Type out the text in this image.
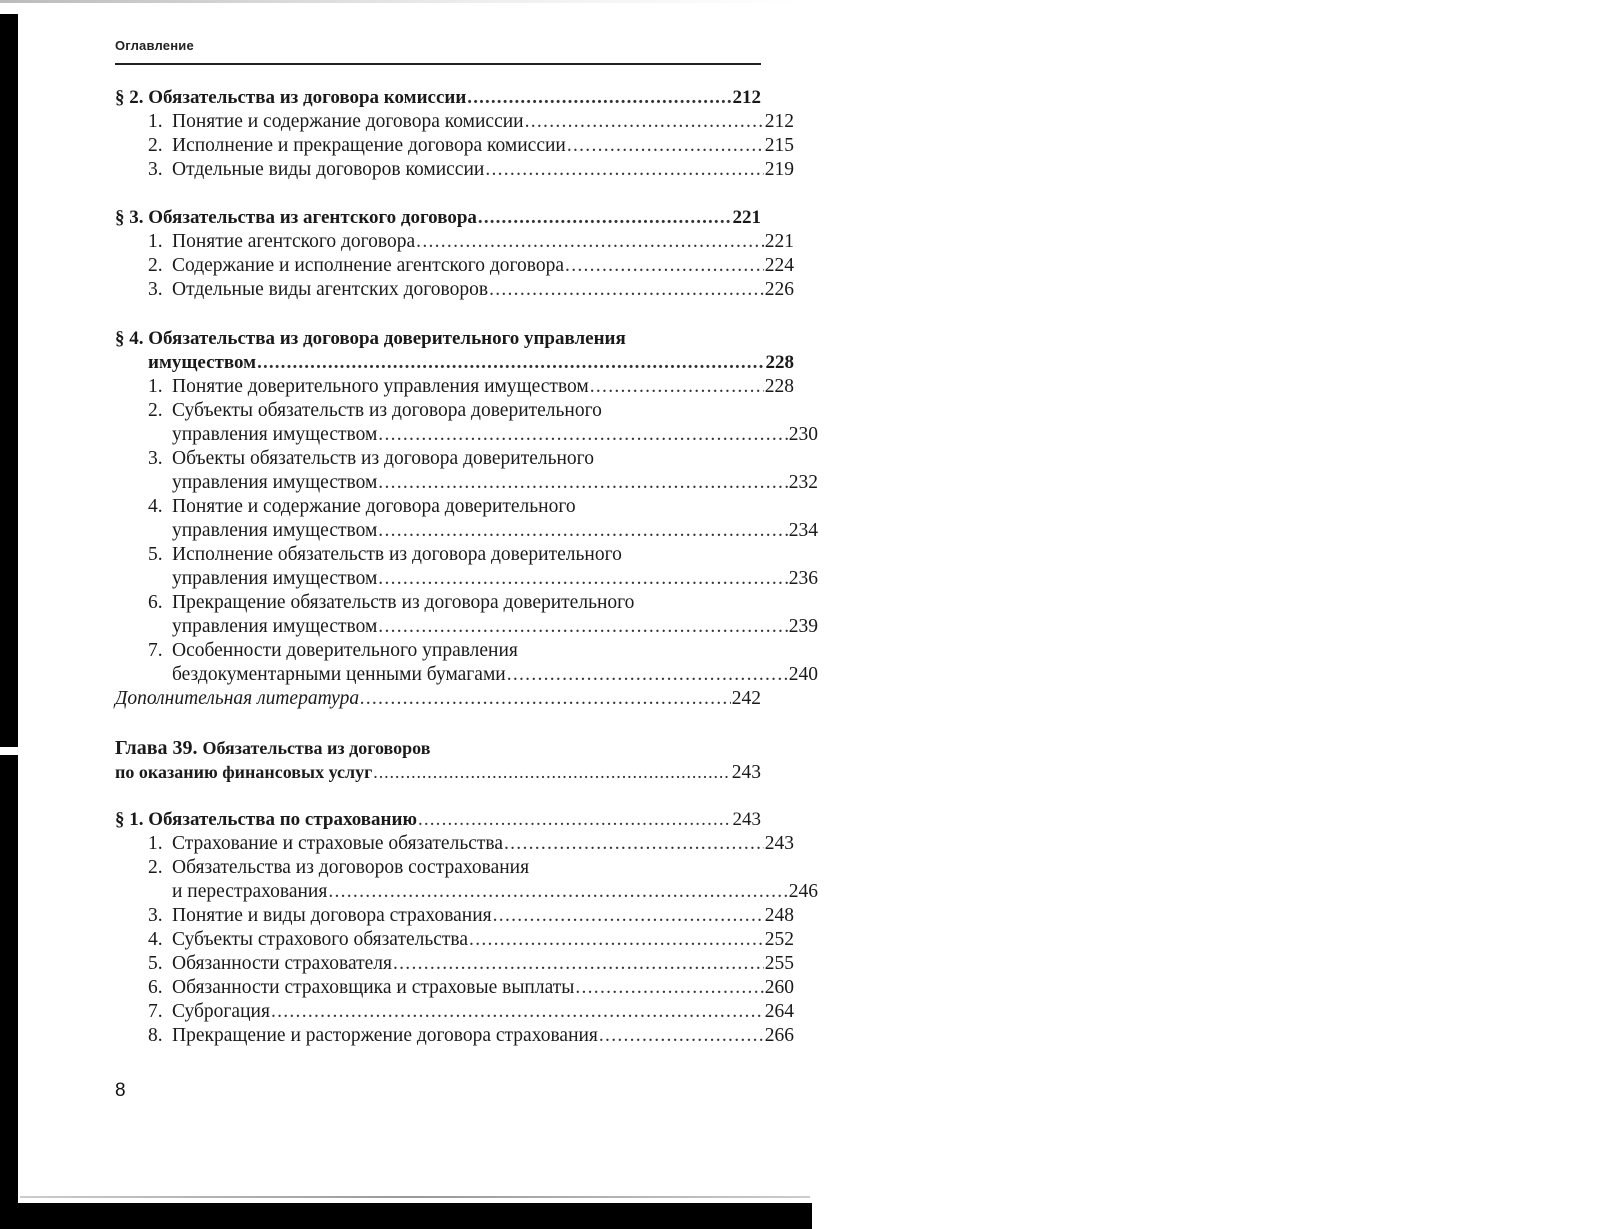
Оглавление
§ 2. Обязательства из договора комиссии . . .	212
1. Понятие и содержание договора комиссии . . .	212
2. Исполнение и прекращение договора комиссии . . .	215
3. Отдельные виды договоров комиссии . . .	219
§ 3. Обязательства из агентского договора . . .	221
1. Понятие агентского договора . . .	221
2. Содержание и исполнение агентского договора . . .	224
3. Отдельные виды агентских договоров . . .	226
§ 4. Обязательства из договора доверительного управления
имуществом . . .	228
1. Понятие доверительного управления имуществом . . .	228
2. Субъекты обязательств из договора доверительного
управления имуществом . . .	230
3. Объекты обязательств из договора доверительного
управления имуществом . . .	232
4. Понятие и содержание договора доверительного
управления имуществом . . .	234
5. Исполнение обязательств из договора доверительного
управления имуществом . . .	236
6. Прекращение обязательств из договора доверительного
управления имуществом . . .	239
7. Особенности доверительного управления
бездокументарными ценными бумагами . . .	240
Дополнительная литература . . .	242
Глава 39. Обязательства из договоров
по оказанию финансовых услуг . . .	243
§ 1. Обязательства по страхованию . . .	243
1. Страхование и страховые обязательства . . .	243
2. Обязательства из договоров сострахования
и перестрахования . . .	246
3. Понятие и виды договора страхования . . .	248
4. Субъекты страхового обязательства . . .	252
5. Обязанности страхователя . . .	255
6. Обязанности страховщика и страховые выплаты . . .	260
7. Суброгация . . .	264
8. Прекращение и расторжение договора страхования . . .	266
8
